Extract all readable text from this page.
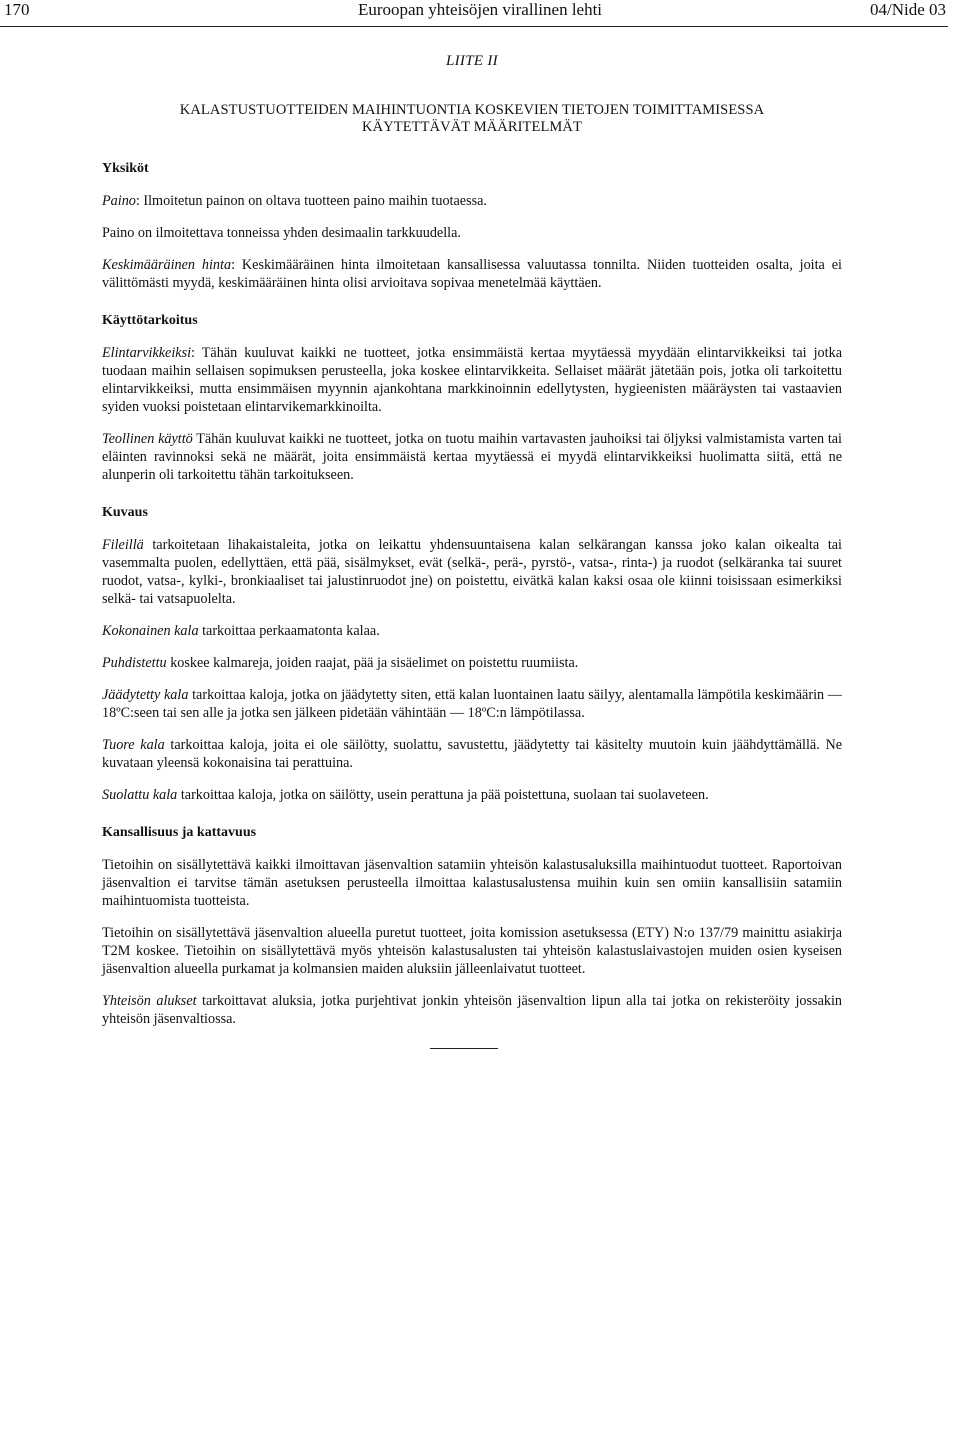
170	Euroopan yhteisöjen virallinen lehti	04/Nide 03

LIITE II

KALASTUSTUOTTEIDEN MAIHINTUONTIA KOSKEVIEN TIETOJEN TOIMITTAMISESSA
KÄYTETTÄVÄT MÄÄRITELMÄT
Yksiköt

Paino: Ilmoitetun painon on oltava tuotteen paino maihin tuotaessa.

Paino on ilmoitettava tonneissa yhden desimaalin tarkkuudella.

Keskimääräinen hinta: Keskimääräinen hinta ilmoitetaan kansallisessa valuutassa tonnilta. Niiden tuotteiden osalta, joita ei välittömästi myydä, keskimääräinen hinta olisi arvioitava sopivaa menetelmää käyttäen.

Käyttötarkoitus

Elintarvikkeiksi: Tähän kuuluvat kaikki ne tuotteet, jotka ensimmäistä kertaa myytäessä myydään elintarvikkeiksi tai jotka tuodaan maihin sellaisen sopimuksen perusteella, joka koskee elintarvikkeita. Sellaiset määrät jätetään pois, jotka oli tarkoitettu elintarvikkeiksi, mutta ensimmäisen myynnin ajankohtana markkinoinnin edellytysten, hygieenisten määräysten tai vastaavien syiden vuoksi poistetaan elintarvikemarkkinoilta.

Teollinen käyttö Tähän kuuluvat kaikki ne tuotteet, jotka on tuotu maihin vartavasten jauhoiksi tai öljyksi valmistamista varten tai eläinten ravinnoksi sekä ne määrät, joita ensimmäistä kertaa myytäessä ei myydä elintarvikkeiksi huolimatta siitä, että ne alunperin oli tarkoitettu tähän tarkoitukseen.

Kuvaus

Fileillä tarkoitetaan lihakaistaleita, jotka on leikattu yhdensuuntaisena kalan selkärangan kanssa joko kalan oikealta tai vasemmalta puolen, edellyttäen, että pää, sisälmykset, evät (selkä-, perä-, pyrstö-, vatsa-, rinta-) ja ruodot (selkäranka tai suuret ruodot, vatsa-, kylki-, bronkiaaliset tai jalustinruodot jne) on poistettu, eivätkä kalan kaksi osaa ole kiinni toisissaan esimerkiksi selkä- tai vatsapuolelta.

Kokonainen kala tarkoittaa perkaamatonta kalaa.

Puhdistettu koskee kalmareja, joiden raajat, pää ja sisäelimet on poistettu ruumiista.

Jäädytetty kala tarkoittaa kaloja, jotka on jäädytetty siten, että kalan luontainen laatu säilyy, alentamalla lämpötila keskimäärin — 18ºC:seen tai sen alle ja jotka sen jälkeen pidetään vähintään — 18ºC:n lämpötilassa.

Tuore kala tarkoittaa kaloja, joita ei ole säilötty, suolattu, savustettu, jäädytetty tai käsitelty muutoin kuin jäähdyttämällä. Ne kuvataan yleensä kokonaisina tai perattuina.

Suolattu kala tarkoittaa kaloja, jotka on säilötty, usein perattuna ja pää poistettuna, suolaan tai suolaveteen.

Kansallisuus ja kattavuus

Tietoihin on sisällytettävä kaikki ilmoittavan jäsenvaltion satamiin yhteisön kalastusaluksilla maihintuodut tuotteet. Raportoivan jäsenvaltion ei tarvitse tämän asetuksen perusteella ilmoittaa kalastusalustensa muihin kuin sen omiin kansallisiin satamiin maihintuomista tuotteista.

Tietoihin on sisällytettävä jäsenvaltion alueella puretut tuotteet, joita komission asetuksessa (ETY) N:o 137/79 mainittu asiakirja T2M koskee. Tietoihin on sisällytettävä myös yhteisön kalastusalusten tai yhteisön kalastuslaivastojen muiden osien kyseisen jäsenvaltion alueella purkamat ja kolmansien maiden aluksiin jälleenlaivatut tuotteet.

Yhteisön alukset tarkoittavat aluksia, jotka purjehtivat jonkin yhteisön jäsenvaltion lipun alla tai jotka on rekisteröity jossakin yhteisön jäsenvaltiossa.
